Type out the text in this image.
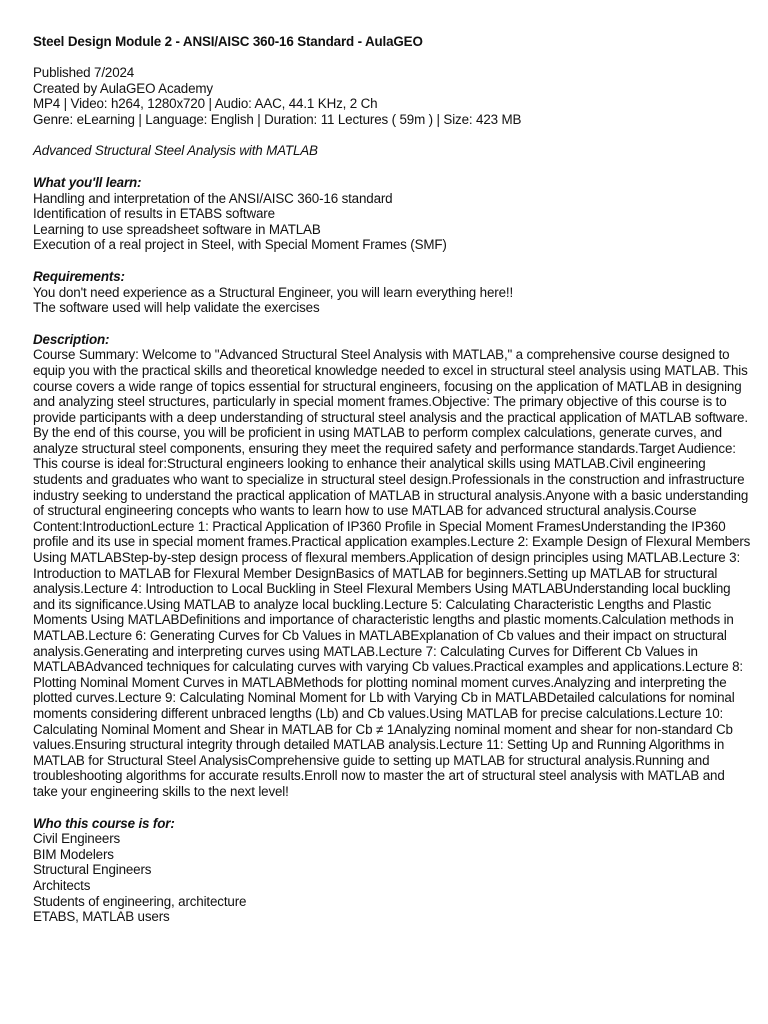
Steel Design Module 2 - ANSI/AISC 360-16 Standard - AulaGEO
Published 7/2024
Created by AulaGEO Academy
MP4 | Video: h264, 1280x720 | Audio: AAC, 44.1 KHz, 2 Ch
Genre: eLearning | Language: English | Duration: 11 Lectures ( 59m ) | Size: 423 MB
Advanced Structural Steel Analysis with MATLAB
What you'll learn:
Handling and interpretation of the ANSI/AISC 360-16 standard
Identification of results in ETABS software
Learning to use spreadsheet software in MATLAB
Execution of a real project in Steel, with Special Moment Frames (SMF)
Requirements:
You don't need experience as a Structural Engineer, you will learn everything here!!
The software used will help validate the exercises
Description:
Course Summary: Welcome to "Advanced Structural Steel Analysis with MATLAB," a comprehensive course designed to
equip you with the practical skills and theoretical knowledge needed to excel in structural steel analysis using MATLAB. This
course covers a wide range of topics essential for structural engineers, focusing on the application of MATLAB in designing
and analyzing steel structures, particularly in special moment frames.Objective: The primary objective of this course is to
provide participants with a deep understanding of structural steel analysis and the practical application of MATLAB software.
By the end of this course, you will be proficient in using MATLAB to perform complex calculations, generate curves, and
analyze structural steel components, ensuring they meet the required safety and performance standards.Target Audience:
This course is ideal for:Structural engineers looking to enhance their analytical skills using MATLAB.Civil engineering
students and graduates who want to specialize in structural steel design.Professionals in the construction and infrastructure
industry seeking to understand the practical application of MATLAB in structural analysis.Anyone with a basic understanding
of structural engineering concepts who wants to learn how to use MATLAB for advanced structural analysis.Course
Content:IntroductionLecture 1: Practical Application of IP360 Profile in Special Moment FramesUnderstanding the IP360
profile and its use in special moment frames.Practical application examples.Lecture 2: Example Design of Flexural Members
Using MATLABStep-by-step design process of flexural members.Application of design principles using MATLAB.Lecture 3:
Introduction to MATLAB for Flexural Member DesignBasics of MATLAB for beginners.Setting up MATLAB for structural
analysis.Lecture 4: Introduction to Local Buckling in Steel Flexural Members Using MATLABUnderstanding local buckling
and its significance.Using MATLAB to analyze local buckling.Lecture 5: Calculating Characteristic Lengths and Plastic
Moments Using MATLABDefinitions and importance of characteristic lengths and plastic moments.Calculation methods in
MATLAB.Lecture 6: Generating Curves for Cb Values in MATLABExplanation of Cb values and their impact on structural
analysis.Generating and interpreting curves using MATLAB.Lecture 7: Calculating Curves for Different Cb Values in
MATLABAdvanced techniques for calculating curves with varying Cb values.Practical examples and applications.Lecture 8:
Plotting Nominal Moment Curves in MATLABMethods for plotting nominal moment curves.Analyzing and interpreting the
plotted curves.Lecture 9: Calculating Nominal Moment for Lb with Varying Cb in MATLABDetailed calculations for nominal
moments considering different unbraced lengths (Lb) and Cb values.Using MATLAB for precise calculations.Lecture 10:
Calculating Nominal Moment and Shear in MATLAB for Cb ≠ 1Analyzing nominal moment and shear for non-standard Cb
values.Ensuring structural integrity through detailed MATLAB analysis.Lecture 11: Setting Up and Running Algorithms in
MATLAB for Structural Steel AnalysisComprehensive guide to setting up MATLAB for structural analysis.Running and
troubleshooting algorithms for accurate results.Enroll now to master the art of structural steel analysis with MATLAB and
take your engineering skills to the next level!
Who this course is for:
Civil Engineers
BIM Modelers
Structural Engineers
Architects
Students of engineering, architecture
ETABS, MATLAB users
